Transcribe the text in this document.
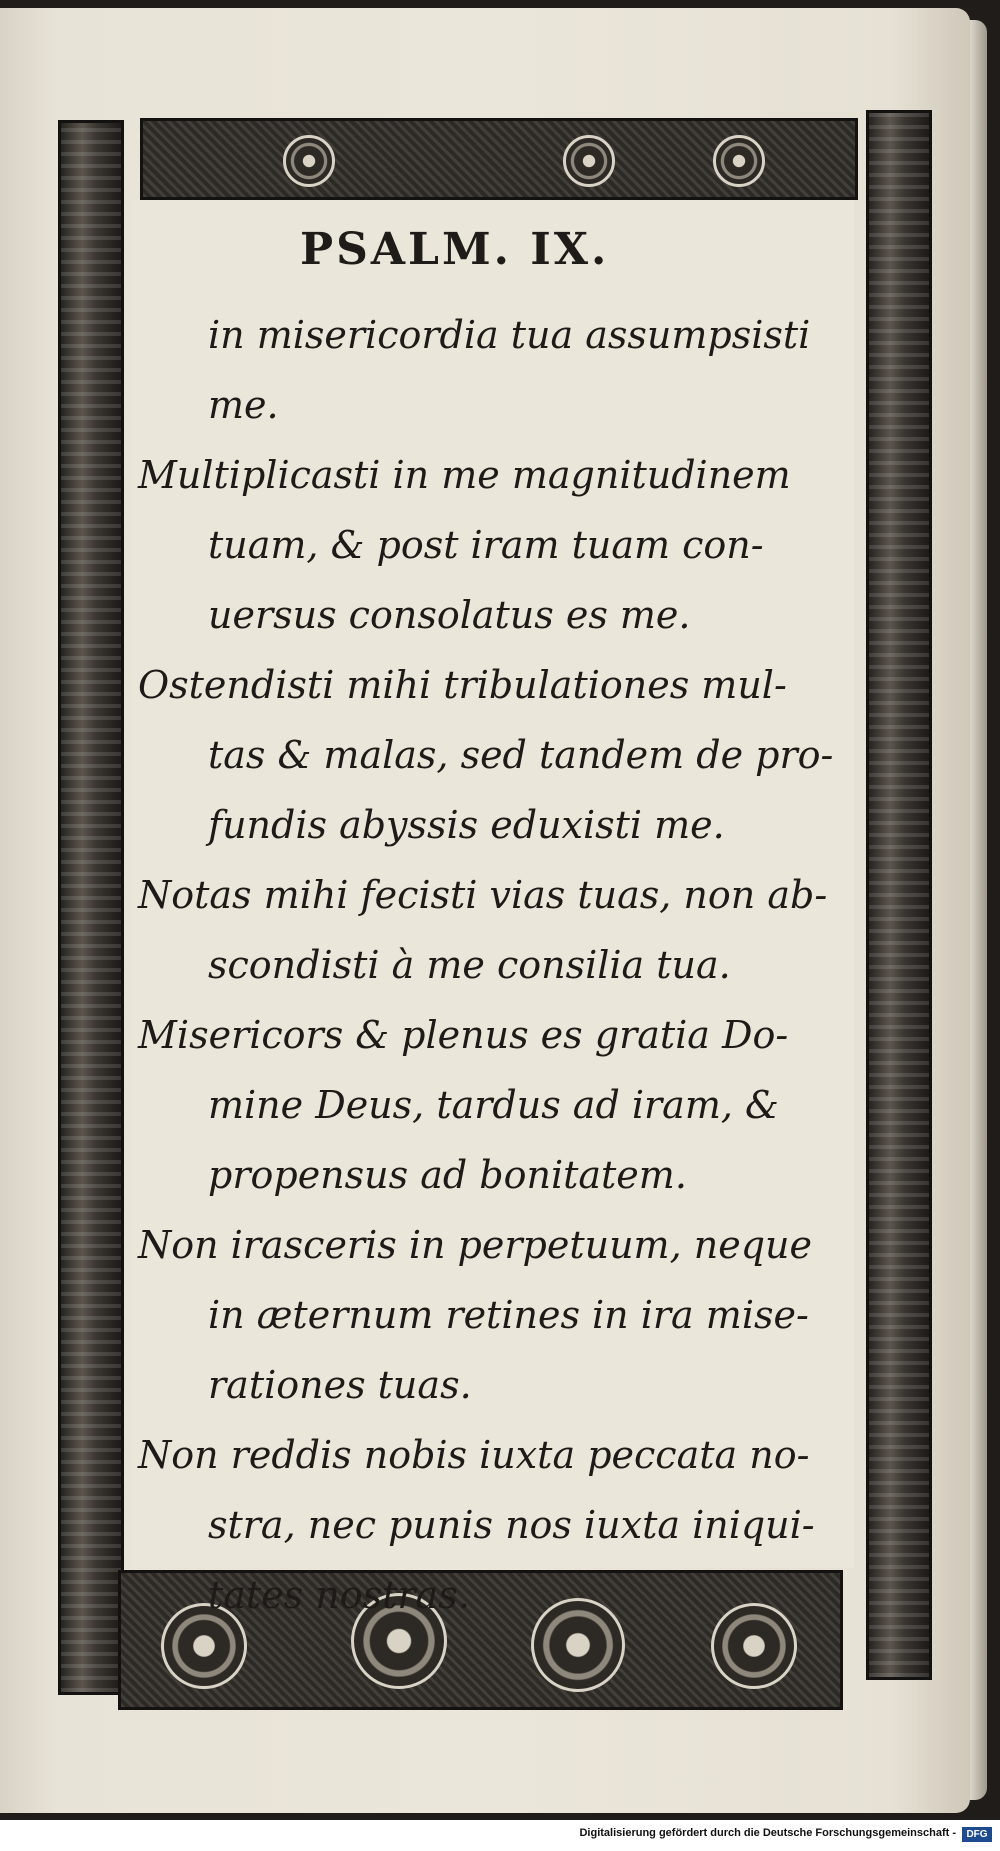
PSALM. IX.
in misericordia tua assumpsisti
me.
Multiplicasti in me magnitudinem
tuam, & post iram tuam con-
uersus consolatus es me.
Ostendisti mihi tribulationes mul-
tas & malas, sed tandem de pro-
fundis abyssis eduxisti me.
Notas mihi fecisti vias tuas, non ab-
scondisti à me consilia tua.
Misericors & plenus es gratia Do-
mine Deus, tardus ad iram, &
propensus ad bonitatem.
Non irasceris in perpetuum, neque
in æternum retines in ira mise-
rationes tuas.
Non reddis nobis iuxta peccata no-
stra, nec punis nos iuxta iniqui-
tates nostras.
Digitalisierung gefördert durch die Deutsche Forschungsgemeinschaft -	DFG
